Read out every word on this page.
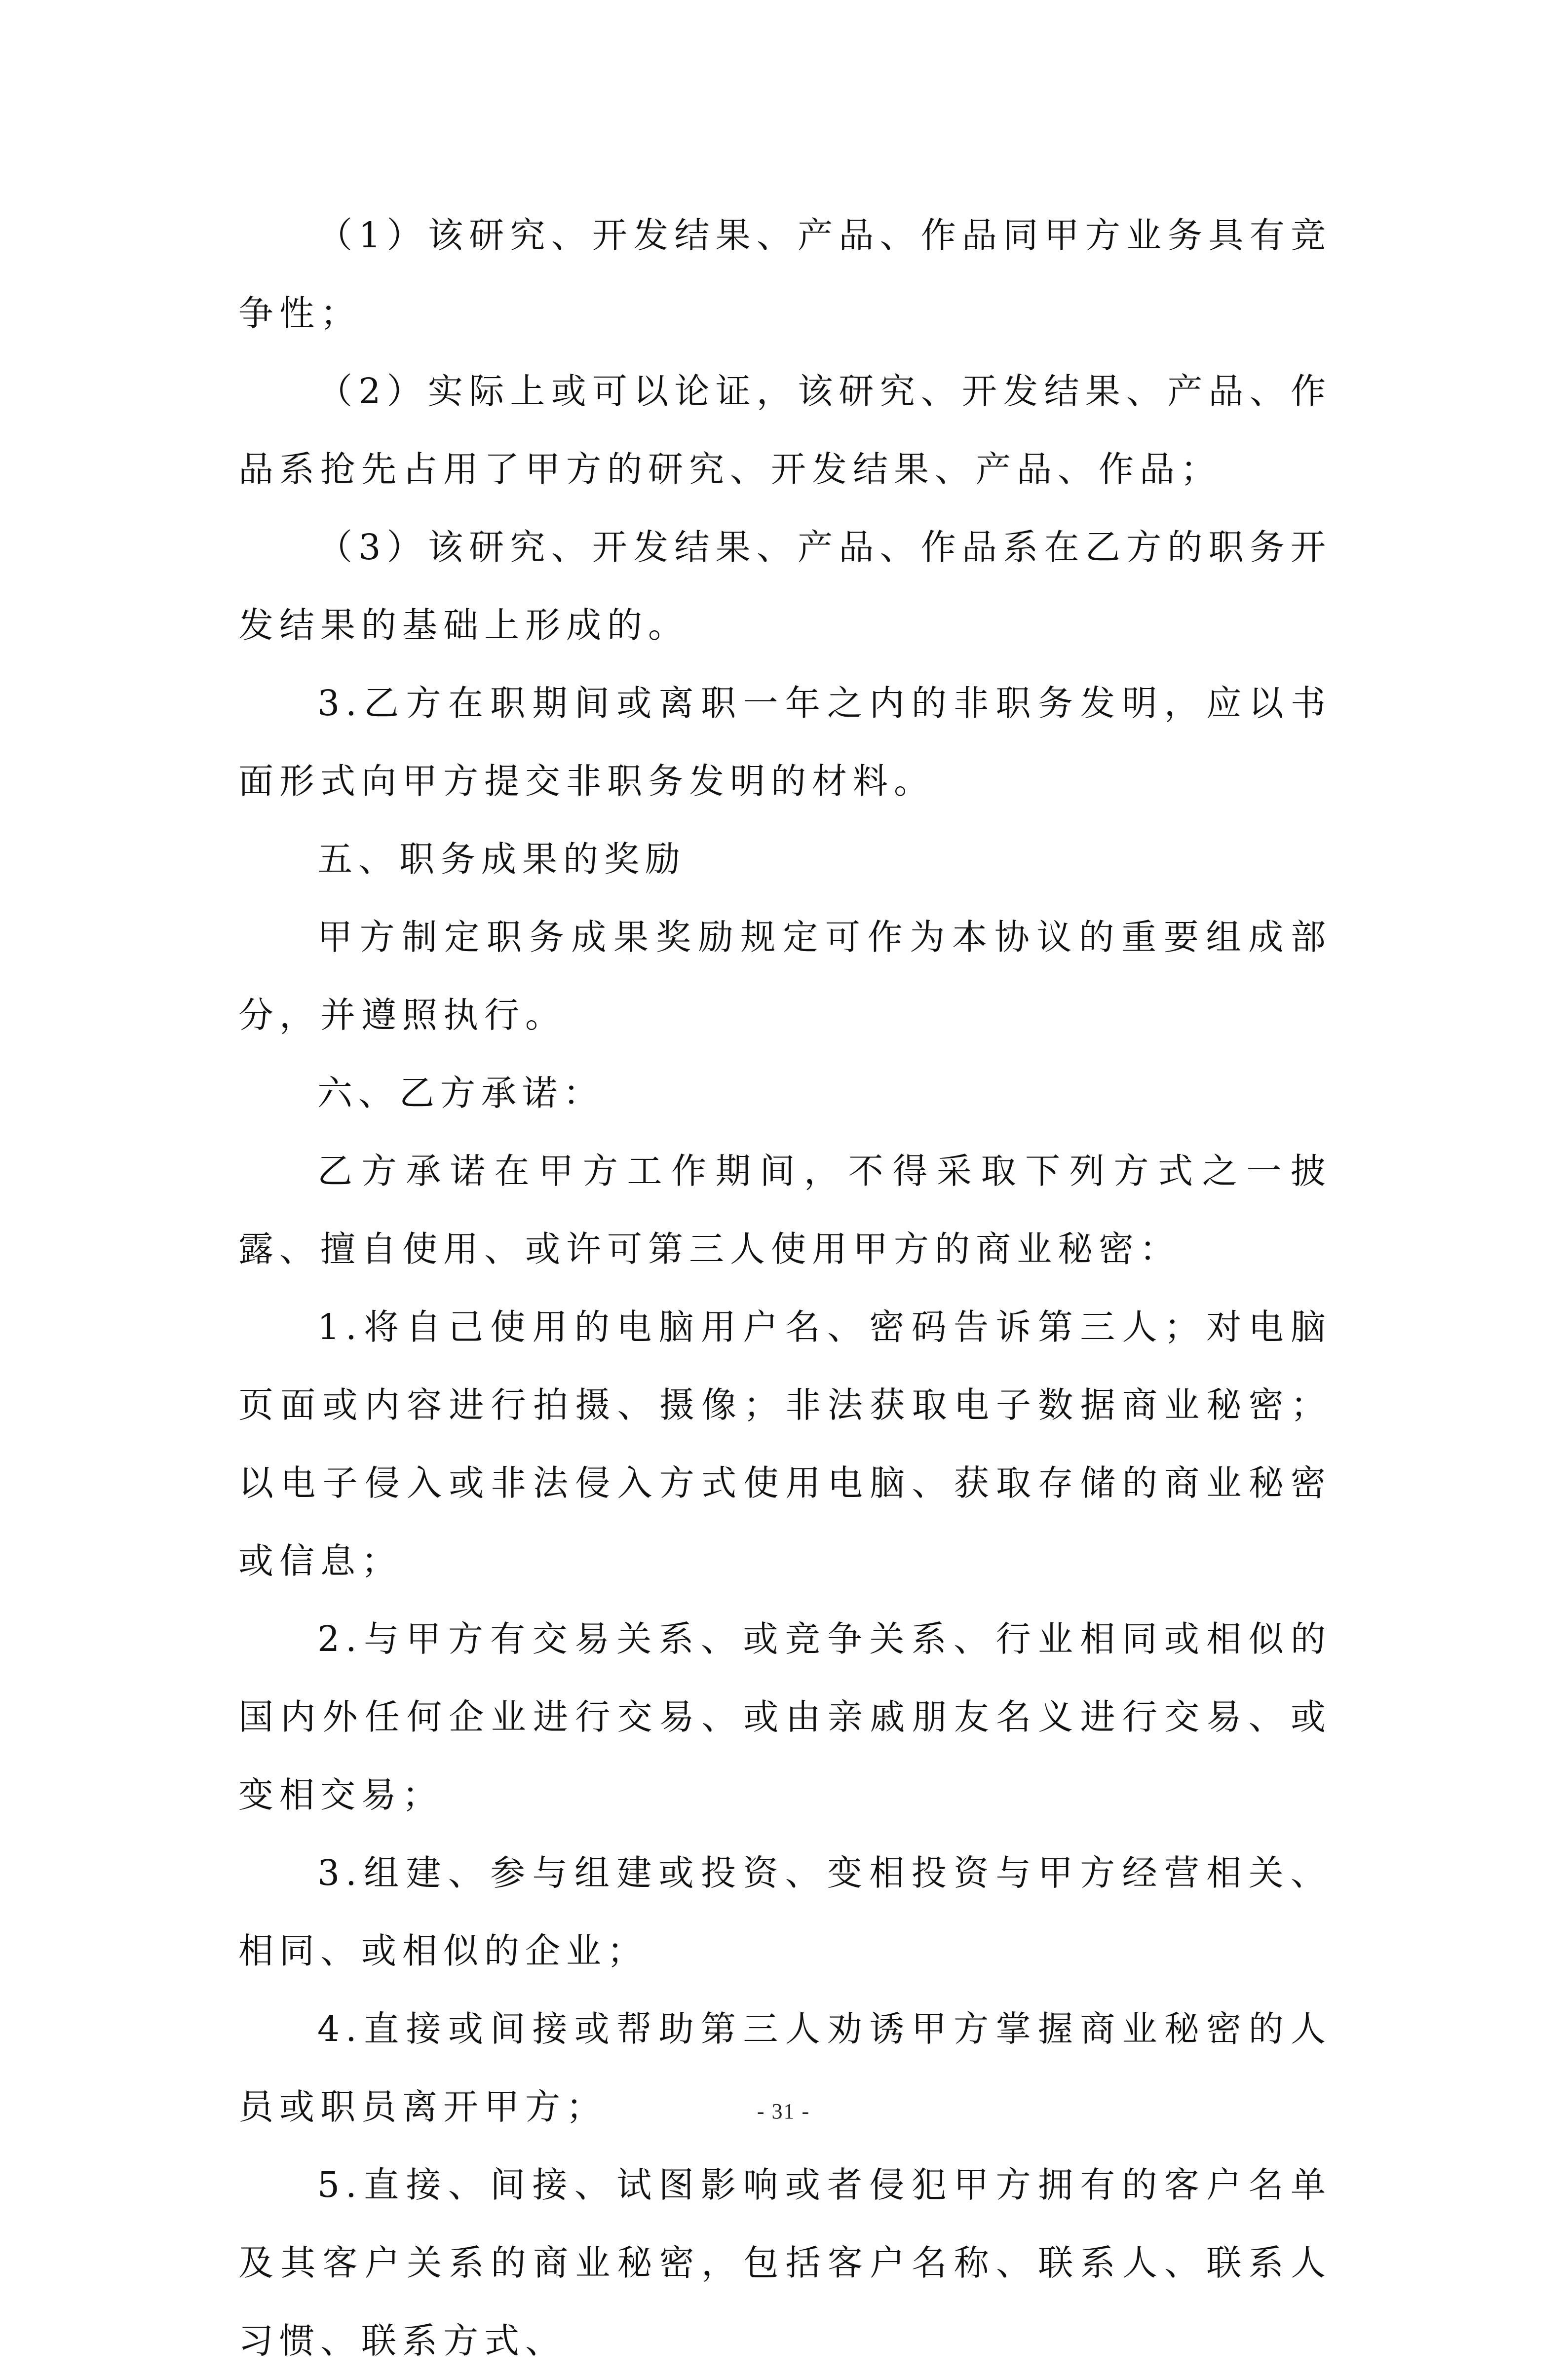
（1）该研究、开发结果、产品、作品同甲方业务具有竞争性；

（2）实际上或可以论证，该研究、开发结果、产品、作品系抢先占用了甲方的研究、开发结果、产品、作品；

（3）该研究、开发结果、产品、作品系在乙方的职务开发结果的基础上形成的。

3.乙方在职期间或离职一年之内的非职务发明，应以书面形式向甲方提交非职务发明的材料。

五、职务成果的奖励

甲方制定职务成果奖励规定可作为本协议的重要组成部分，并遵照执行。

六、乙方承诺：

乙方承诺在甲方工作期间，不得采取下列方式之一披露、擅自使用、或许可第三人使用甲方的商业秘密：

1.将自己使用的电脑用户名、密码告诉第三人；对电脑页面或内容进行拍摄、摄像；非法获取电子数据商业秘密；以电子侵入或非法侵入方式使用电脑、获取存储的商业秘密或信息；

2.与甲方有交易关系、或竞争关系、行业相同或相似的国内外任何企业进行交易、或由亲戚朋友名义进行交易、或变相交易；

3.组建、参与组建或投资、变相投资与甲方经营相关、相同、或相似的企业；

4.直接或间接或帮助第三人劝诱甲方掌握商业秘密的人员或职员离开甲方；

5.直接、间接、试图影响或者侵犯甲方拥有的客户名单及其客户关系的商业秘密，包括客户名称、联系人、联系人习惯、联系方式、

- 31 -
